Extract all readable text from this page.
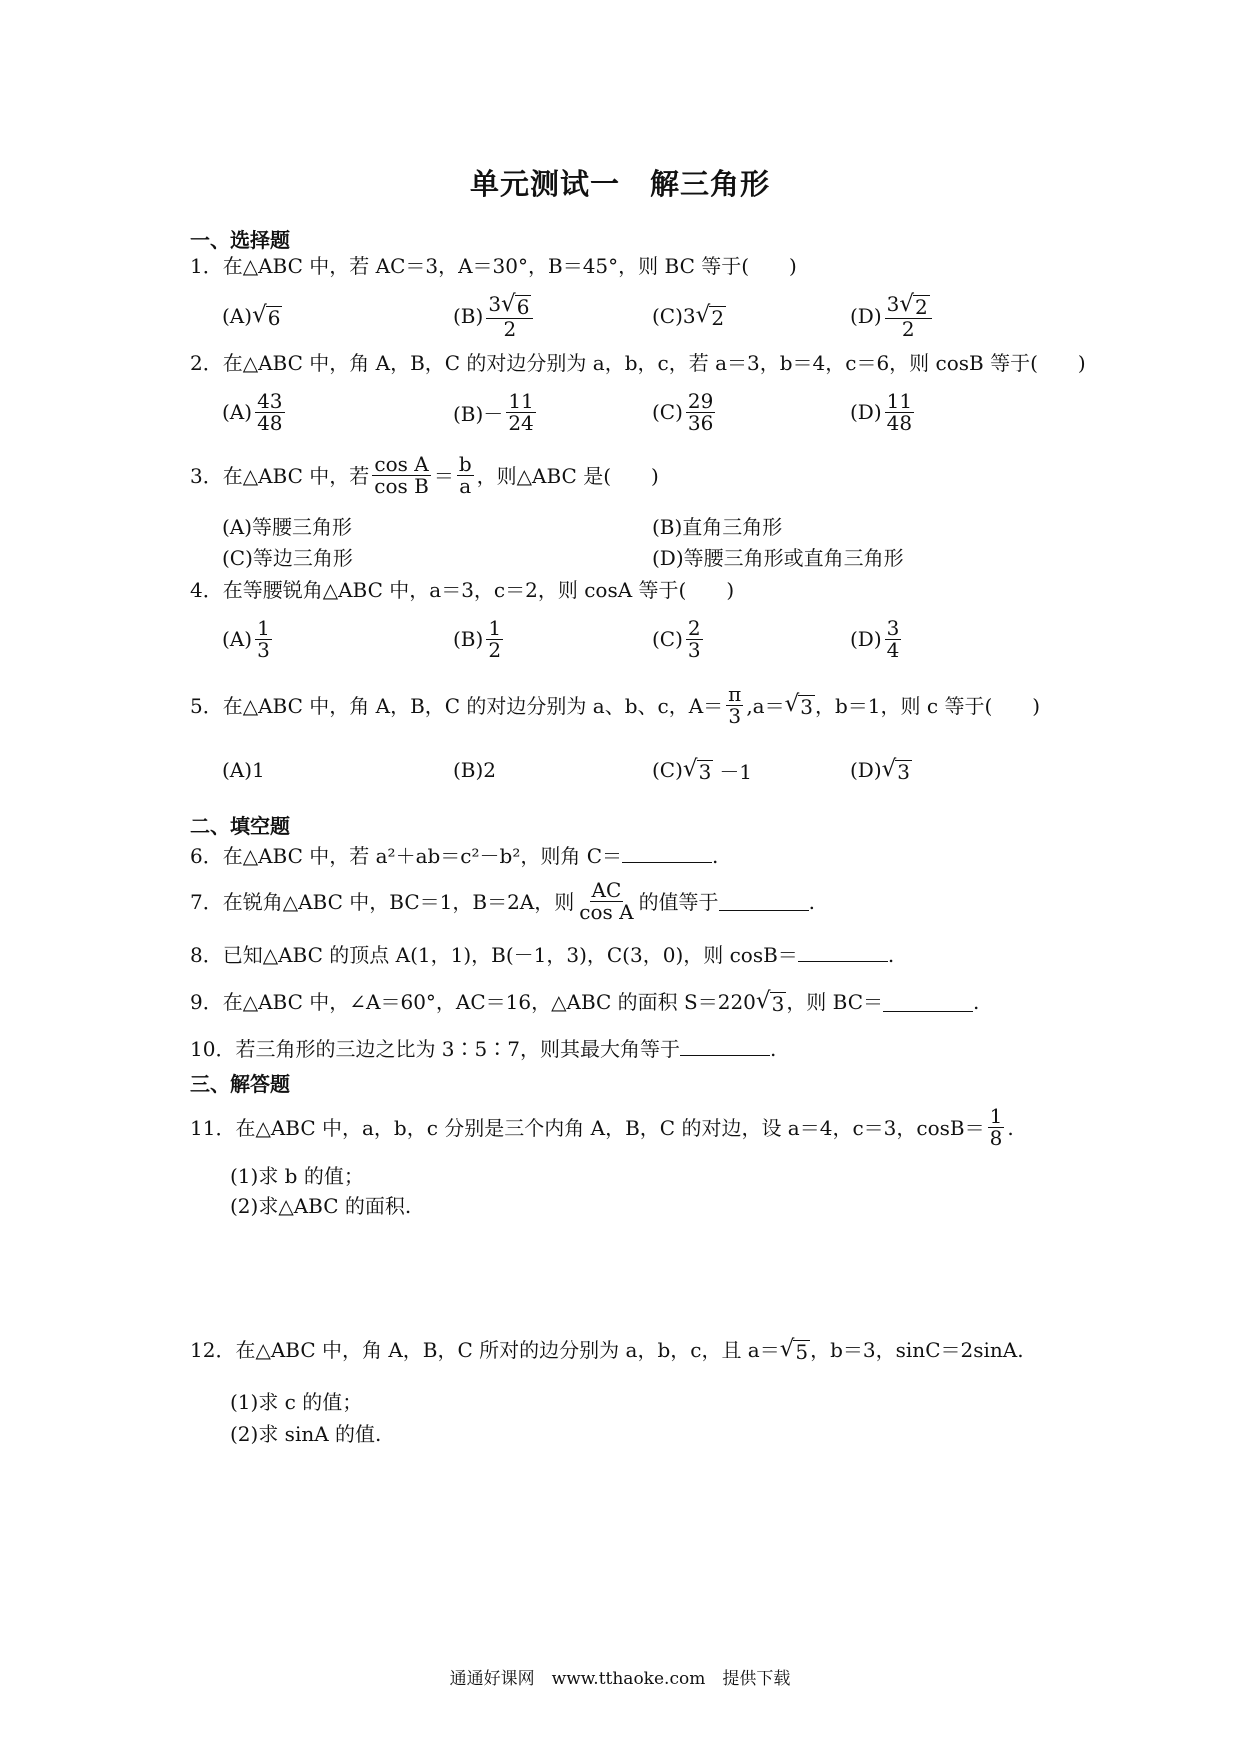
单元测试一　解三角形
一、选择题
1．在△ABC 中，若 AC＝3，A＝30°，B＝45°，则 BC 等于(　　)
(A) √ 6	$(B) \frac{3 √ 6}{2}$	(C) 3 √ 2	$(D) \frac{3 √ 2}{2}$
2．在△ABC 中，角 A，B，C 的对边分别为 a，b，c，若 a＝3，b＝4，c＝6，则 cosB 等于(　　)
$(A) \frac{43}{48}$	$(B)- \frac{11}{24}$	$(C) \frac{29}{36}$	$(D) \frac{11}{48}$
3．在△ABC 中，若 $\frac{\text{cos A}}{\text{cos B}} = \frac{b}{a}$ ，则△ABC 是(　　)
(A)等腰三角形	(B)直角三角形
(C)等边三角形	(D)等腰三角形或直角三角形
4．在等腰锐角△ABC 中，a＝3，c＝2，则 cosA 等于(　　)
$(A) \frac{1}{3}$	$(B) \frac{1}{2}$	$(C) \frac{2}{3}$	$(D) \frac{3}{4}$
5．在△ABC 中，角 A，B，C 的对边分别为 a、b、c，$A= \frac{\pi}{3} ,a=$ √ 3 ，b＝1，则 c 等于(　　)
(A)1	(B)2	(C) √ 3 －1	(D) √ 3
二、填空题
6．在△ABC 中，若 a²＋ab＝c²－b²，则角 C＝	.
7．在锐角△ABC 中，BC＝1，B＝2A，则 $\frac{AC}{\text{cos A}}$ 的值等于	.
8．已知△ABC 的顶点 A(1，1)，B(－1，3)，C(3，0)，则 cosB＝	.
9．在△ABC 中，∠A＝60°，AC＝16，△ABC 的面积 S＝220 √ 3 ，则 BC＝	.
10．若三角形的三边之比为 3∶5∶7，则其最大角等于	.
三、解答题
11．在△ABC 中，a，b，c 分别是三个内角 A，B，C 的对边，设 a＝4，c＝3，$\cos B= \frac{1}{8}$ .
(1)求 b 的值；
(2)求△ABC 的面积.
12．在△ABC 中，角 A，B，C 所对的边分别为 a，b，c，且 a＝ √ 5 ，b＝3，sinC＝2sinA.
(1)求 c 的值；
(2)求 sinA 的值.
通通好课网　www.tthaoke.com　提供下载
